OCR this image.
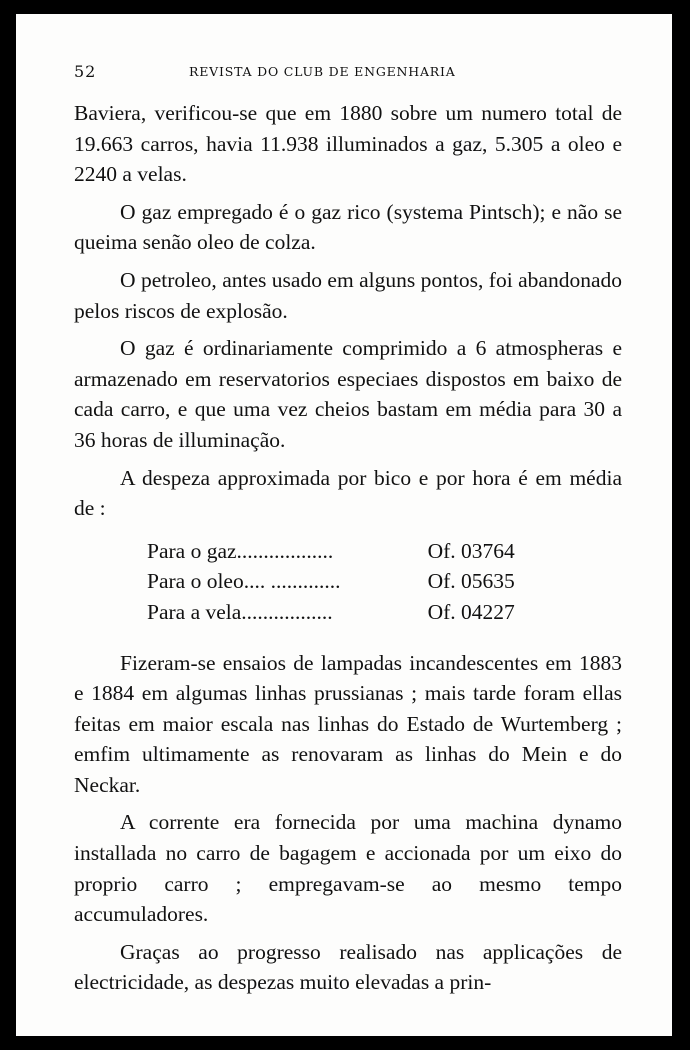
52	REVISTA DO CLUB DE ENGENHARIA

Baviera, verificou-se que em 1880 sobre um numero total de 19.663 carros, havia 11.938 illuminados a gaz, 5.305 a oleo e 2240 a velas.

O gaz empregado é o gaz rico (systema Pintsch); e não se queima senão oleo de colza.

O petroleo, antes usado em alguns pontos, foi abandonado pelos riscos de explosão.

O gaz é ordinariamente comprimido a 6 atmospheras e armazenado em reservatorios especiaes dispostos em baixo de cada carro, e que uma vez cheios bastam em média para 30 a 36 horas de illuminação.

A despeza approximada por bico e por hora é em média de :

Para o gaz..................	Of. 03764
Para o oleo.... .............	Of. 05635
Para a vela.................	Of. 04227

Fizeram-se ensaios de lampadas incandescentes em 1883 e 1884 em algumas linhas prussianas ; mais tarde foram ellas feitas em maior escala nas linhas do Estado de Wurtemberg ; emfim ultimamente as renovaram as linhas do Mein e do Neckar.

A corrente era fornecida por uma machina dynamo installada no carro de bagagem e accionada por um eixo do proprio carro ; empregavam-se ao mesmo tempo accumuladores.

Graças ao progresso realisado nas applicações de electricidade, as despezas muito elevadas a prin-
